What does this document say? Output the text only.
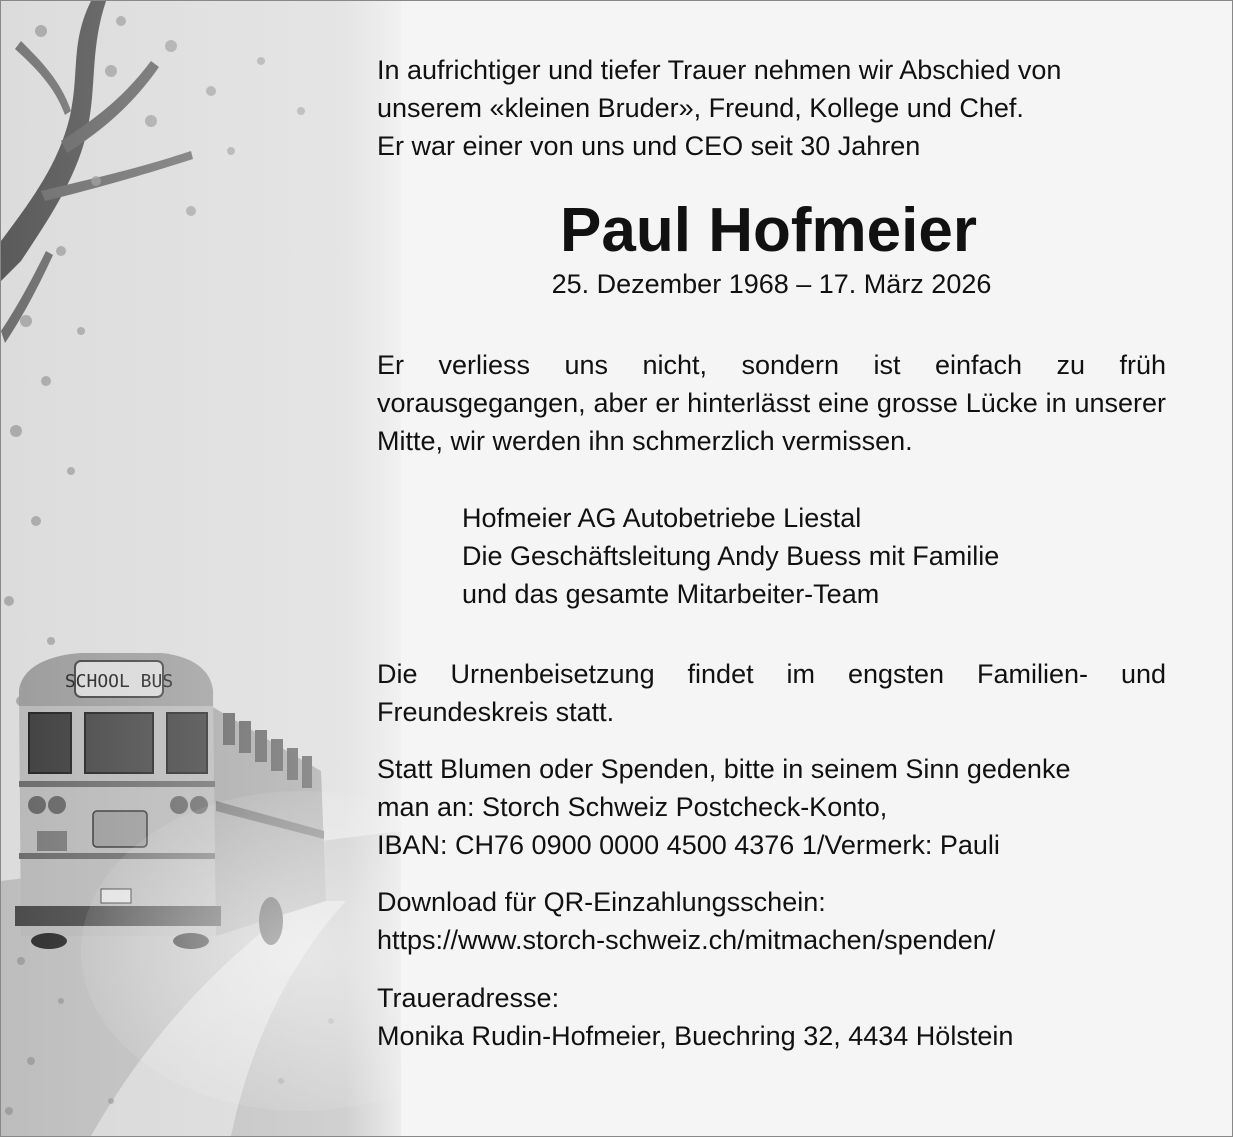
In aufrichtiger und tiefer Trauer nehmen wir Abschied von
unserem «kleinen Bruder», Freund, Kollege und Chef.
Er war einer von uns und CEO seit 30 Jahren

Paul Hofmeier

25. Dezember 1968 – 17. März 2026

Er verliess uns nicht, sondern ist einfach zu früh vorausgegangen, aber er hinterlässt eine grosse Lücke in unserer Mitte, wir werden ihn schmerzlich vermissen.

Hofmeier AG Autobetriebe Liestal
Die Geschäftsleitung Andy Buess mit Familie
und das gesamte Mitarbeiter-Team

Die Urnenbeisetzung findet im engsten Familien- und Freundeskreis statt.

Statt Blumen oder Spenden, bitte in seinem Sinn gedenke
man an: Storch Schweiz Postcheck-Konto,
IBAN: CH76 0900 0000 4500 4376 1/Vermerk: Pauli

Download für QR-Einzahlungsschein:
https://www.storch-schweiz.ch/mitmachen/spenden/

Traueradresse:
Monika Rudin-Hofmeier, Buechring 32, 4434 Hölstein
